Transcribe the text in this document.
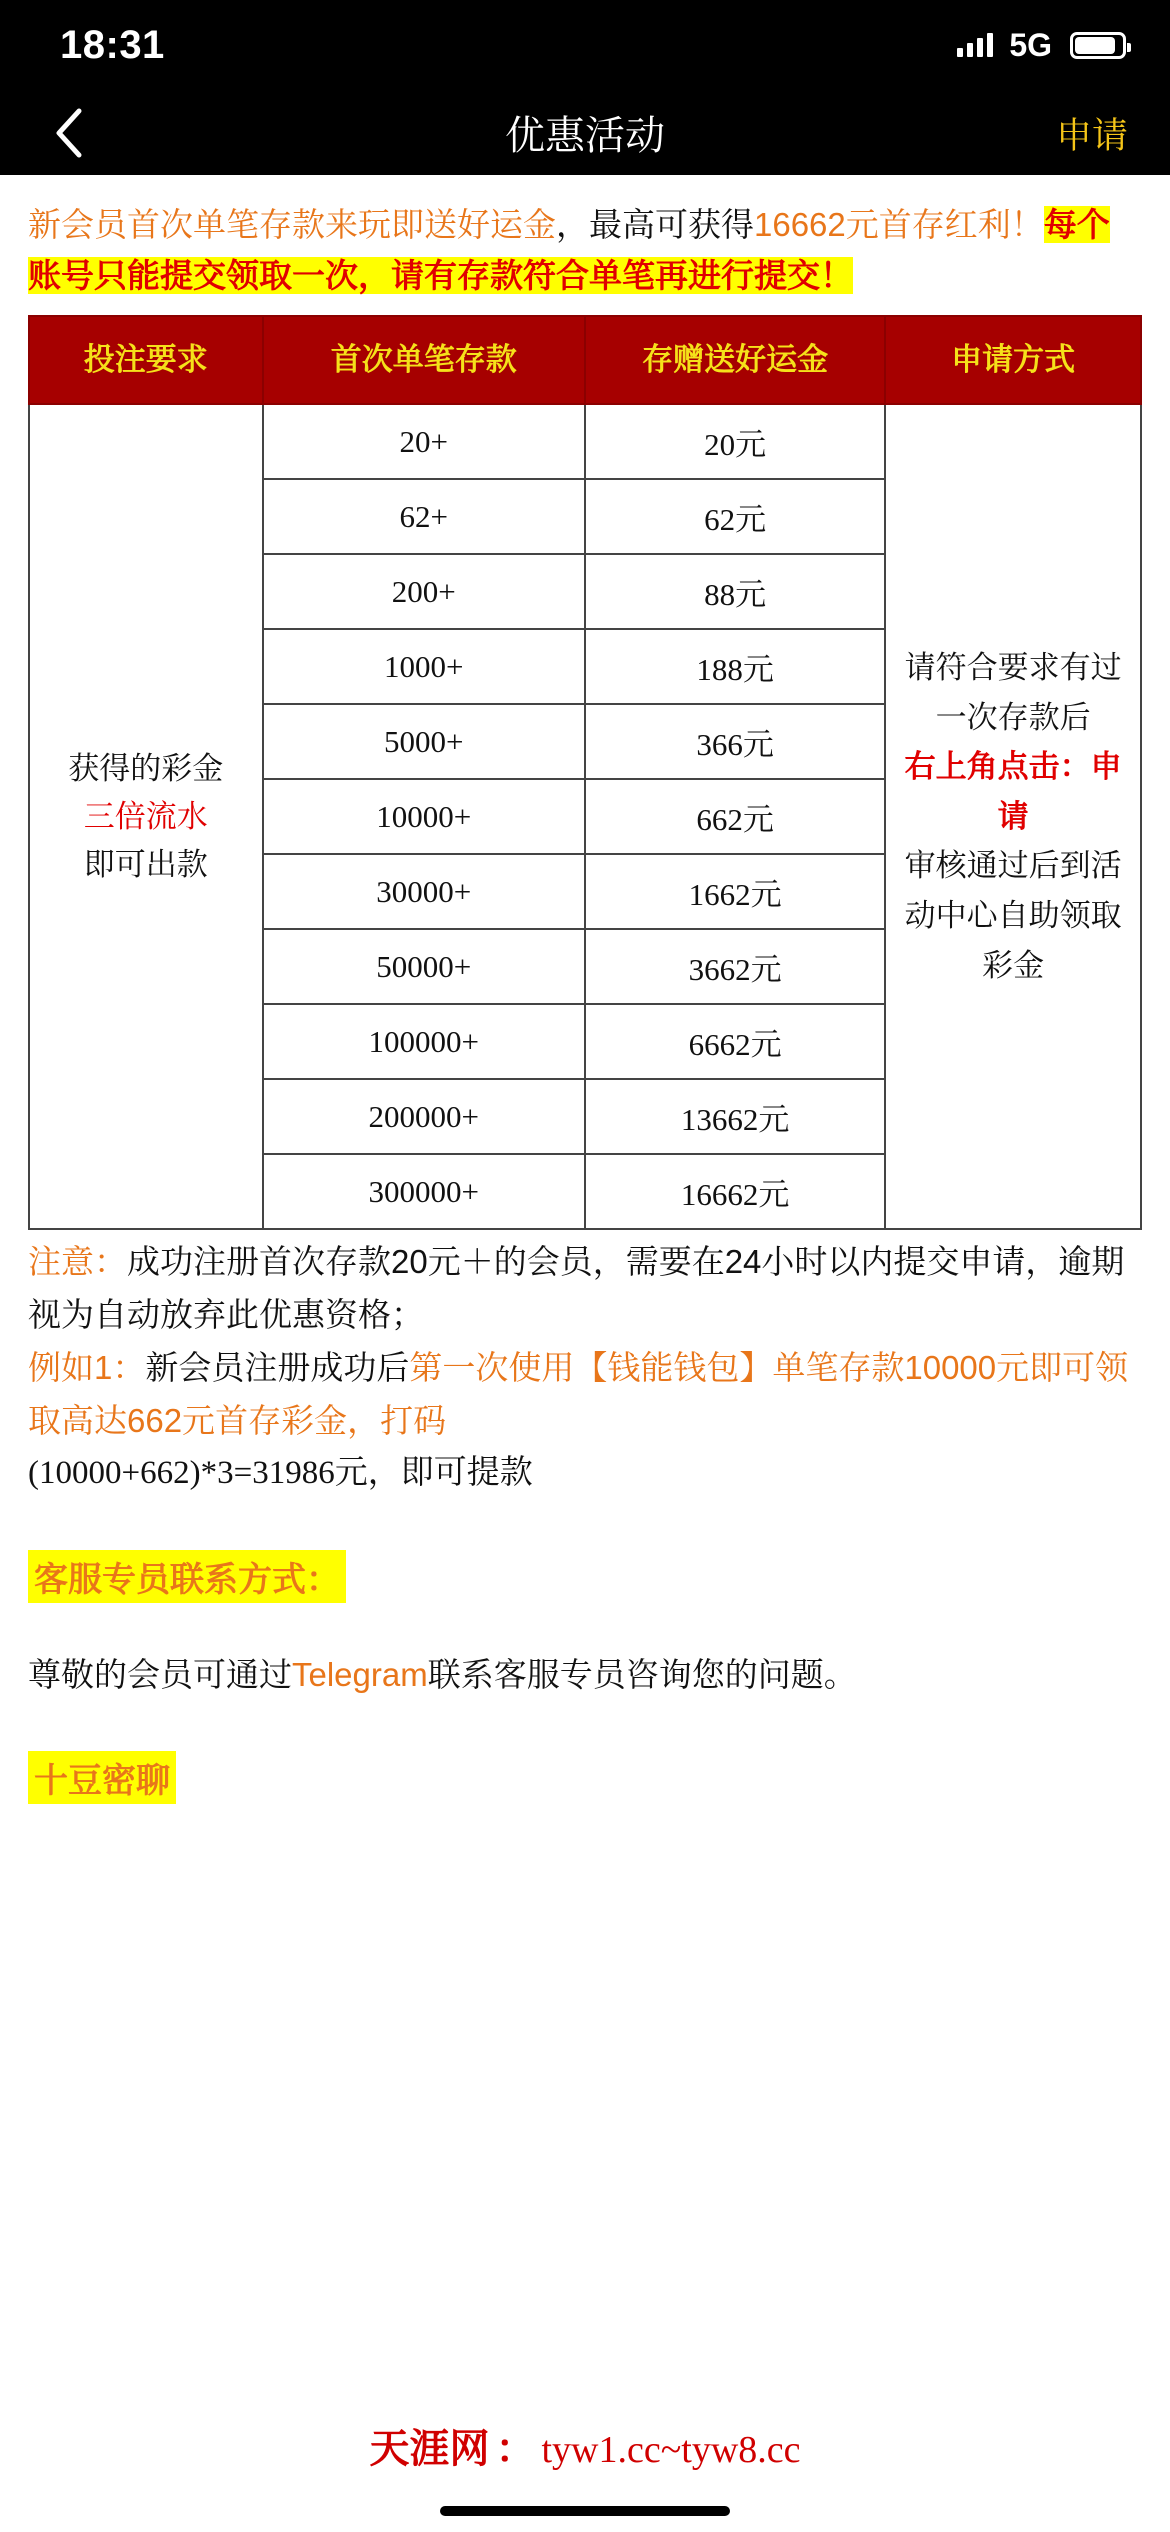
18:31	5G
优惠活动	申请
新会员首次单笔存款来玩即送好运金，最高可获得16662元首存红利！每个账号只能提交领取一次，请有存款符合单笔再进行提交！
投注要求	首次单笔存款	存赠送好运金	申请方式

获得的彩金
三倍流水
即可出款
	20+	20元	
请符合要求有过一次存款后
右上角点击：申请
审核通过后到活动中心自助领取彩金

	62+	62元	
	200+	88元	
	1000+	188元	
	5000+	366元	
	10000+	662元	
	30000+	1662元	
	50000+	3662元	
	100000+	6662元	
	200000+	13662元	
	300000+	16662元	

注意：成功注册首次存款20元＋的会员，需要在24小时以内提交申请，逾期视为自动放弃此优惠资格；

例如1：新会员注册成功后第一次使用【钱能钱包】单笔存款10000元即可领取高达662元首存彩金，打码

(10000+662)*3=31986元，即可提款

客服专员联系方式：

尊敬的会员可通过Telegram联系客服专员咨询您的问题。

十豆密聊
天涯网 ： tyw1.cc~tyw8.cc
